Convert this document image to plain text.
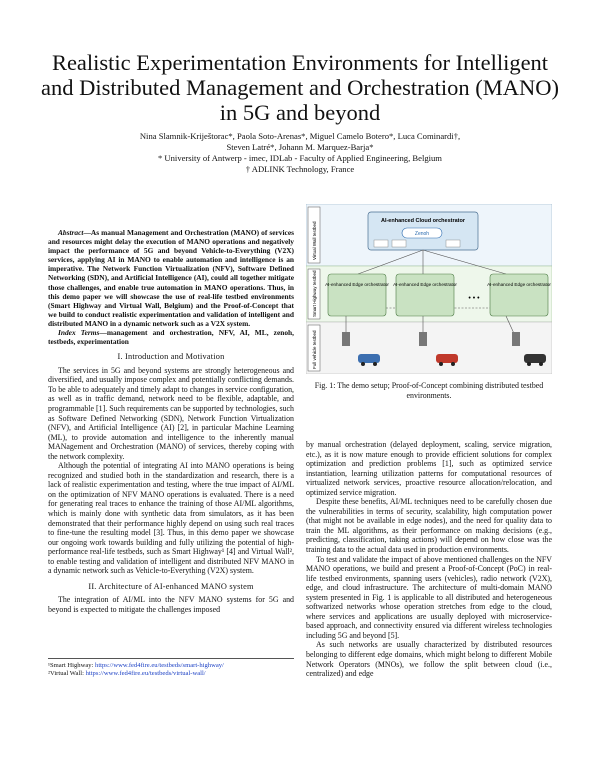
Realistic Experimentation Environments for Intelligent and Distributed Management and Orchestration (MANO) in 5G and beyond
Nina Slamnik-Kriještorac*, Paola Soto-Arenas*, Miguel Camelo Botero*, Luca Cominardi†,
Steven Latré*, Johann M. Marquez-Barja*
* University of Antwerp - imec, IDLab - Faculty of Applied Engineering, Belgium
† ADLINK Technology, France

Abstract—As manual Management and Orchestration (MANO) of services and resources might delay the execution of MANO operations and negatively impact the performance of 5G and beyond Vehicle-to-Everything (V2X) services, applying AI in MANO to enable automation and intelligence is an imperative. The Network Function Virtualization (NFV), Software Defined Networking (SDN), and Artificial Intelligence (AI), could all together mitigate those challenges, and enable true automation in MANO operations. Thus, in this demo paper we will showcase the use of real-life testbed environments (Smart Highway and Virtual Wall, Belgium) and the Proof-of-Concept that we build to conduct realistic experimentation and validation of intelligent and distributed MANO in a dynamic network such as a V2X system.

Index Terms—management and orchestration, NFV, AI, ML, zenoh, testbeds, experimentation

I. Introduction and Motivation

The services in 5G and beyond systems are strongly heterogeneous and diversified, and usually impose complex and potentially conflicting demands. To be able to adequately and timely adapt to changes in service configuration, as well as in traffic demand, network need to be flexible, adaptable, and programmable [1]. Such requirements can be supported by technologies, such as Software Defined Networking (SDN), Network Function Virtualization (NFV), and Artificial Intelligence (AI) [2], in particular Machine Learning (ML), to provide automation and intelligence to the inherently manual MANagement and Orchestration (MANO) of services, thereby coping with the network complexity.

Although the potential of integrating AI into MANO operations is being recognized and studied both in the standardization and research, there is a lack of realistic experimentation and testing, where the true impact of AI/ML on the optimization of NFV MANO operations is evaluated. There is a need for generating real traces to enhance the training of those AI/ML algorithms, which is mainly done with synthetic data from simulators, as it has been demonstrated that their performance highly depend on using such real traces to fine-tune the resulting model [3]. Thus, in this demo paper we showcase our ongoing work towards building and fully utilizing the potential of high-performance real-life testbeds, such as Smart Highway¹ [4] and Virtual Wall², to enable testing and validation of intelligent and distributed NFV MANO in a dynamic network such as Vehicle-to-Everything (V2X) system.

II. Architecture of AI-enhanced MANO system

The integration of AI/ML into the NFV MANO systems for 5G and beyond is expected to mitigate the challenges imposed

¹Smart Highway: https://www.fed4fire.eu/testbeds/smart-highway/
²Virtual Wall: https://www.fed4fire.eu/testbeds/virtual-wall/
Virtual Wall testbed
Smart Highway testbed
Full vehicle testbed
AI-enhanced Cloud orchestrator
Zenoh
AI-enhanced Edge orchestrator AI-enhanced Edge orchestrator
• • •
AI-enhanced Edge orchestrator
Fig. 1: The demo setup; Proof-of-Concept combining distributed testbed environments.

by manual orchestration (delayed deployment, scaling, service migration, etc.), as it is now mature enough to provide efficient solutions for complex optimization and prediction problems [1], such as optimized service instantiation, learning utilization patterns for computational resources of virtualized network services, proactive resource allocation/relocation, and optimized service migration.

Despite these benefits, AI/ML techniques need to be carefully chosen due the vulnerabilities in terms of security, scalability, high computation power (that might not be available in edge nodes), and the need for quality data to train the ML algorithms, as their performance on making decisions (e.g., predicting, classification, taking actions) will depend on how close was the training data to the actual data used in production environments.

To test and validate the impact of above mentioned challenges on the NFV MANO operations, we build and present a Proof-of-Concept (PoC) in real-life testbed environments, spanning users (vehicles), radio network (V2X), edge, and cloud infrastructure. The architecture of multi-domain MANO system presented in Fig. 1 is applicable to all distributed and heterogeneous softwarized networks whose operation stretches from edge to the cloud, where services and applications are usually deployed with microservice-based approach, and connectivity ensured via different wireless technologies including 5G and beyond [5].

As such networks are usually characterized by distributed resources belonging to different edge domains, which might belong to different Mobile Network Operators (MNOs), we follow the split between cloud (i.e., centralized) and edge
